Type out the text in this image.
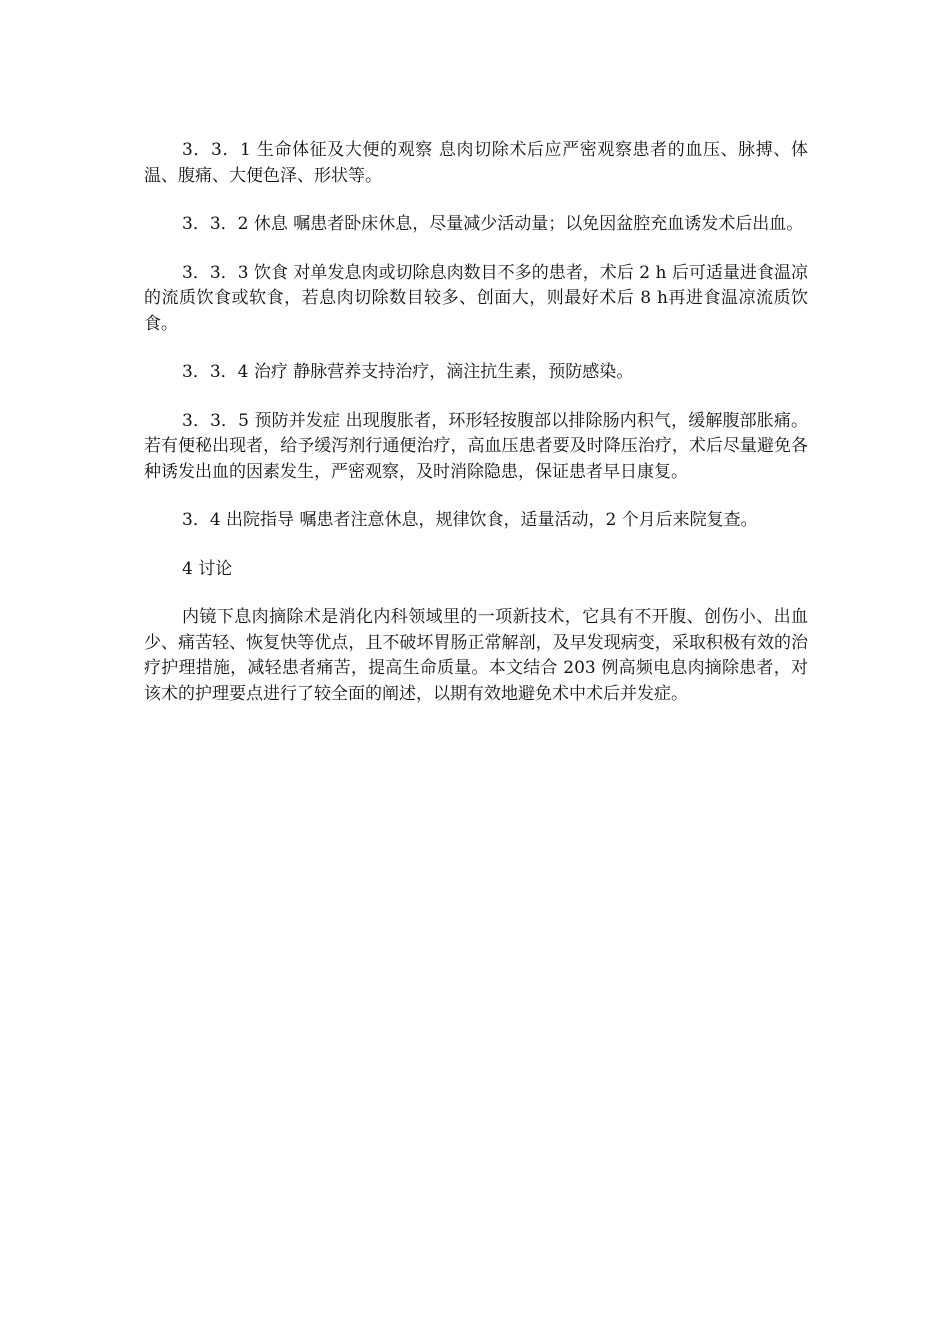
3．3．1 生命体征及大便的观察 息肉切除术后应严密观察患者的血压、脉搏、体温、腹痛、大便色泽、形状等。

3．3．2 休息 嘱患者卧床休息，尽量减少活动量；以免因盆腔充血诱发术后出血。

3．3．3 饮食 对单发息肉或切除息肉数目不多的患者，术后 2 h 后可适量进食温凉的流质饮食或软食，若息肉切除数目较多、创面大，则最好术后 8 h再进食温凉流质饮食。

3．3．4 治疗 静脉营养支持治疗，滴注抗生素，预防感染。

3．3．5 预防并发症 出现腹胀者，环形轻按腹部以排除肠内积气，缓解腹部胀痛。若有便秘出现者，给予缓泻剂行通便治疗，高血压患者要及时降压治疗，术后尽量避免各种诱发出血的因素发生，严密观察，及时消除隐患，保证患者早日康复。

3．4 出院指导 嘱患者注意休息，规律饮食，适量活动，2 个月后来院复查。

4 讨论

内镜下息肉摘除术是消化内科领域里的一项新技术，它具有不开腹、创伤小、出血少、痛苦轻、恢复快等优点，且不破坏胃肠正常解剖，及早发现病变，采取积极有效的治疗护理措施，减轻患者痛苦，提高生命质量。本文结合 203 例高频电息肉摘除患者，对该术的护理要点进行了较全面的阐述，以期有效地避免术中术后并发症。
